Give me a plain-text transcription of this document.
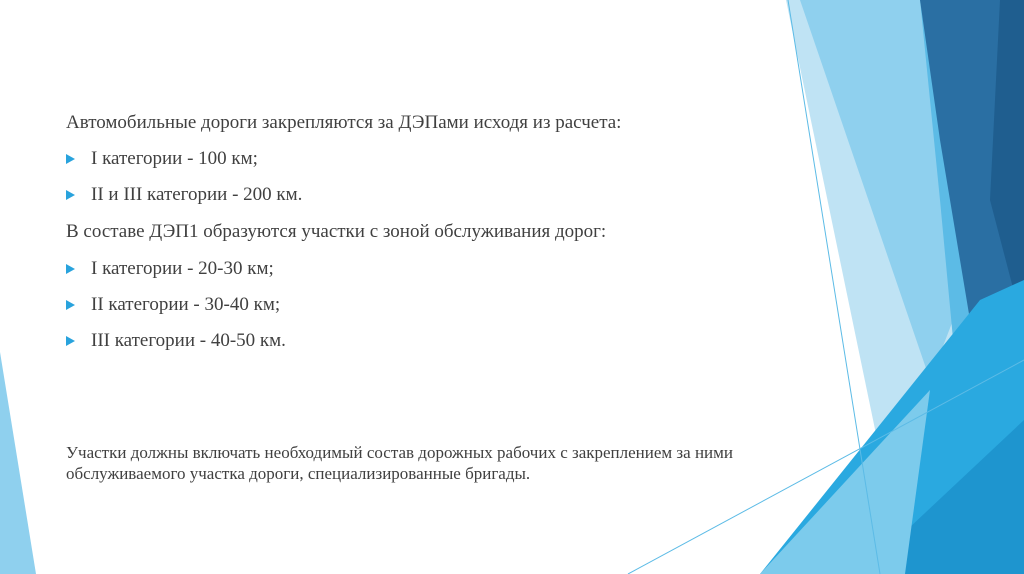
Автомобильные дороги закрепляются за ДЭПами исходя из расчета:
I категории - 100 км;
II и III категории - 200 км.
В составе ДЭП1 образуются участки с зоной обслуживания дорог:
I категории - 20-30 км;
II категории - 30-40 км;
III категории - 40-50 км.
Участки должны включать необходимый состав дорожных рабочих с закреплением за ними обслуживаемого участка дороги, специализированные бригады.
